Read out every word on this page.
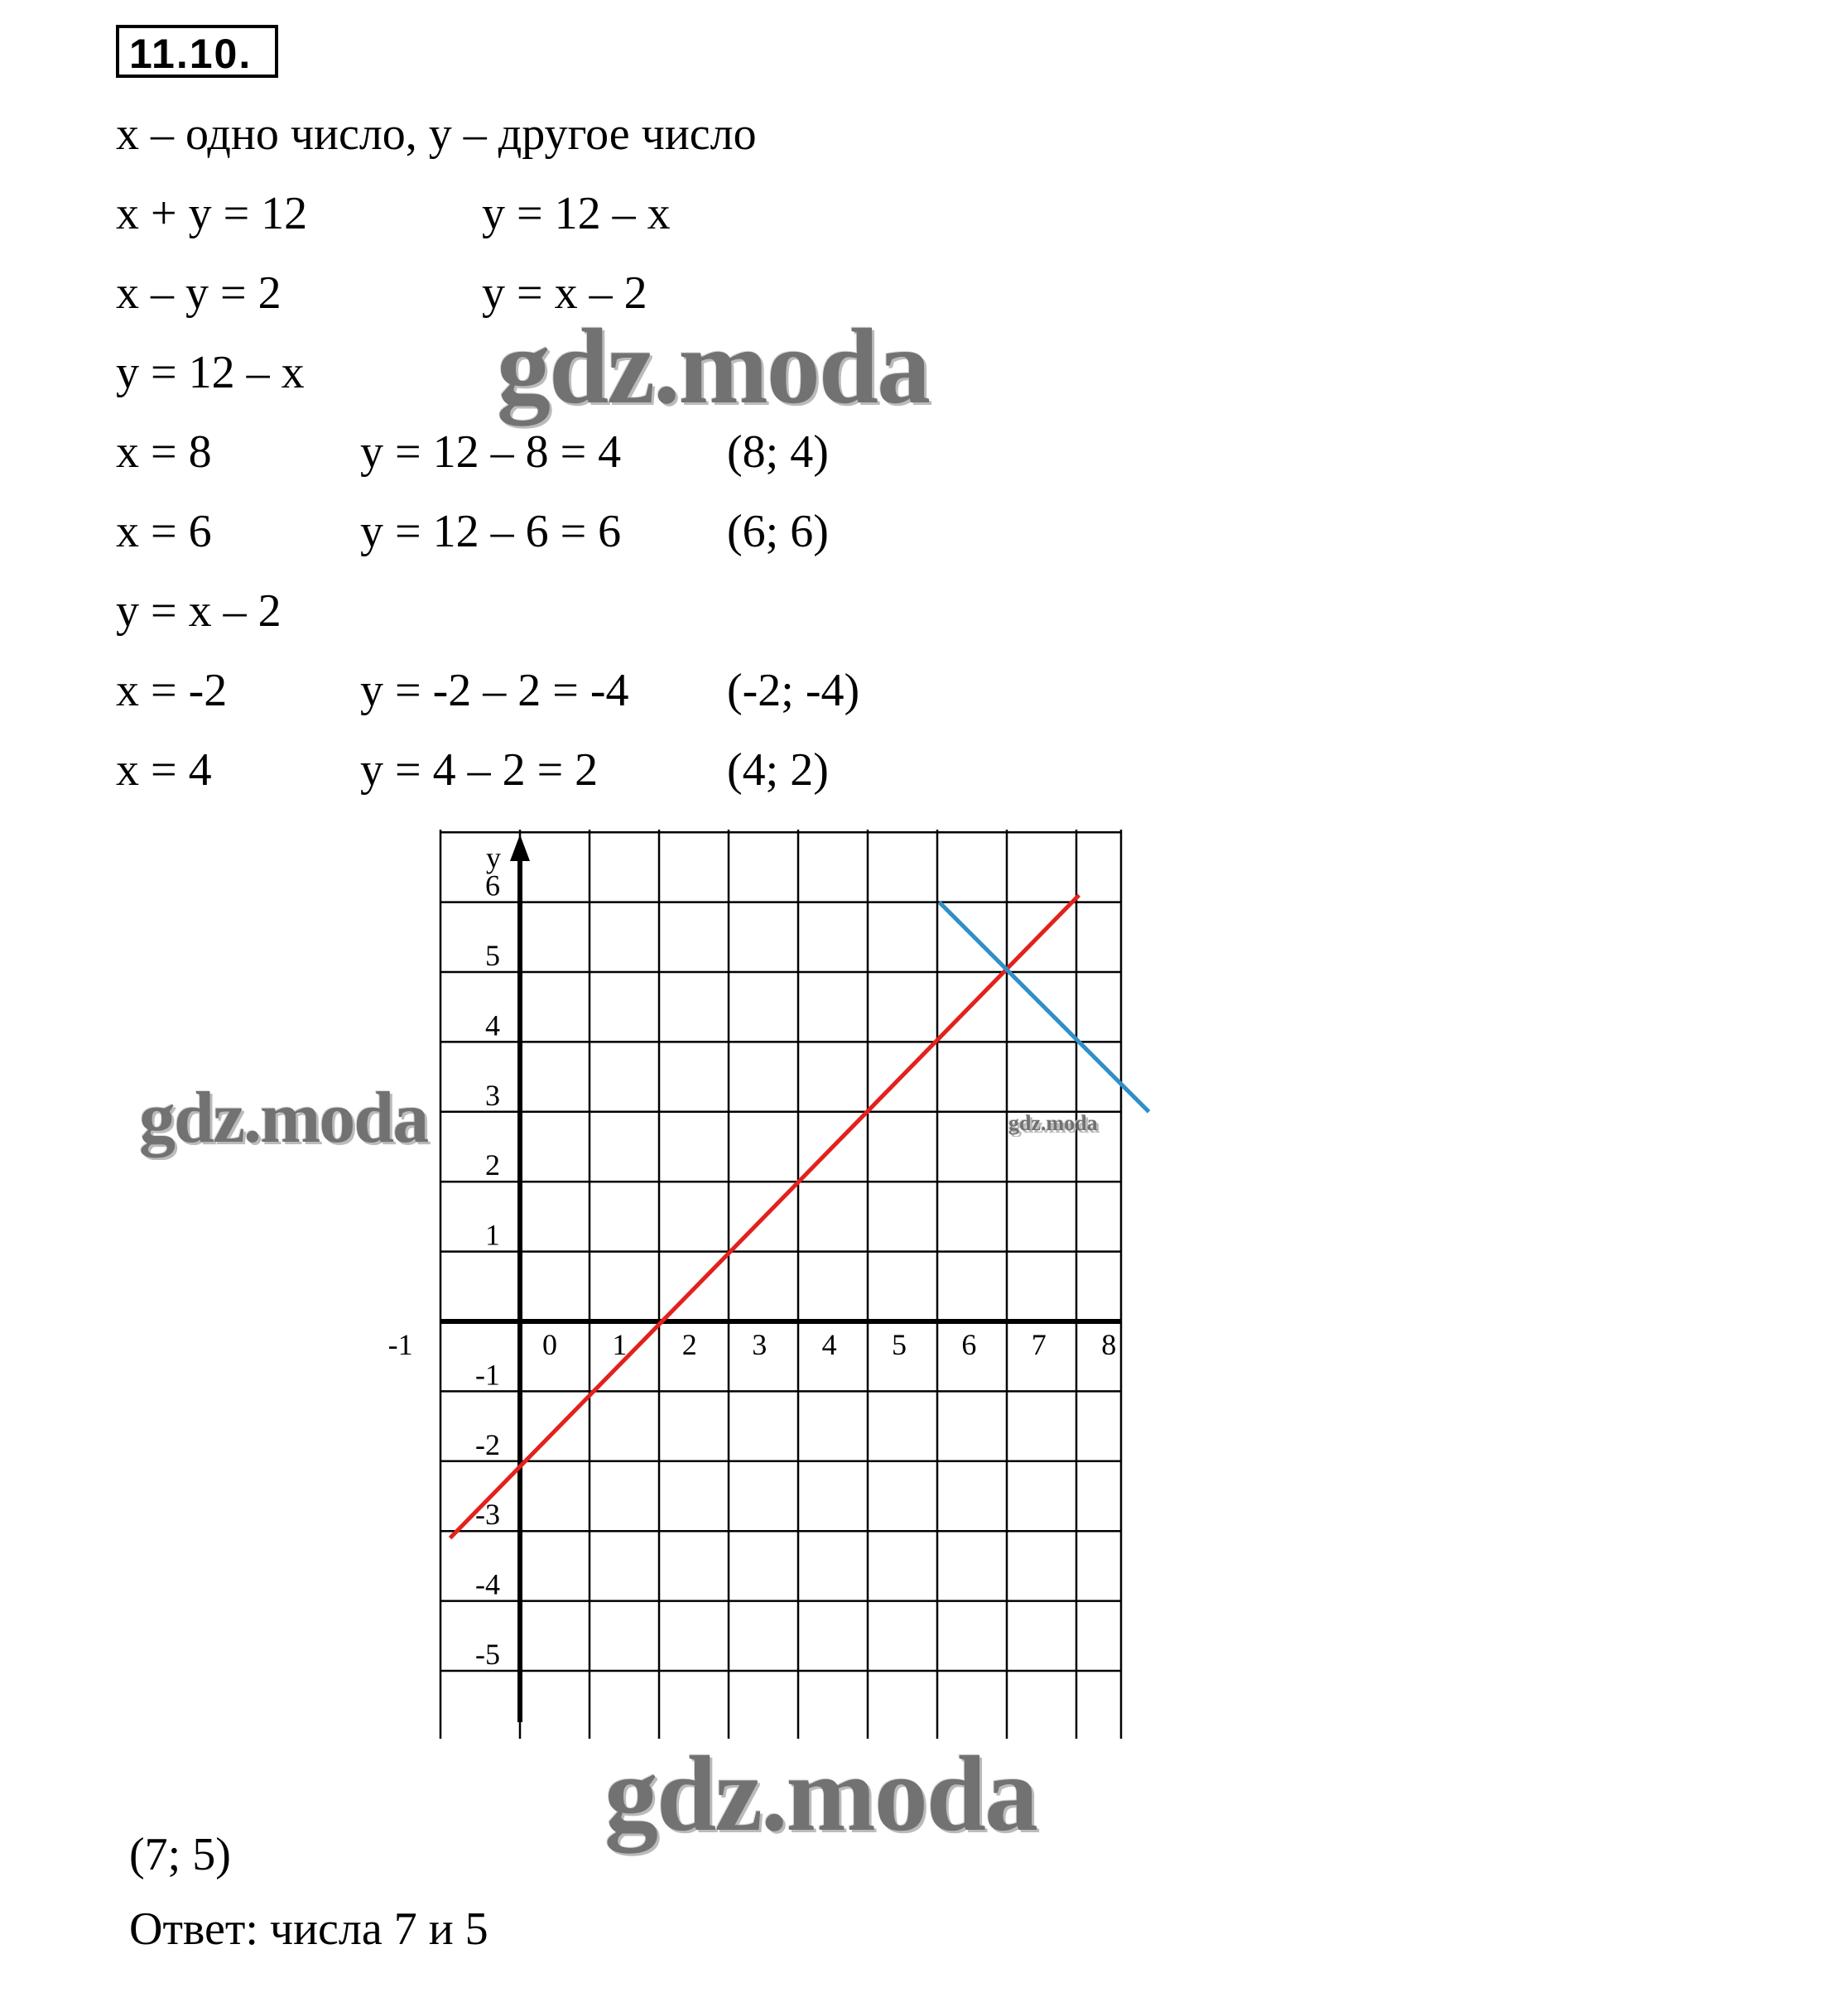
11.10.
x – одно число, y – другое число
x + y = 12	y = 12 – x
x – y = 2	y = x – 2
y = 12 – x
x = 8	y = 12 – 8 = 4 (8; 4)
x = 6	y = 12 – 6 = 6 (6; 6)
y = x – 2
x = -2	y = -2 – 2 = -4 (-2; -4)
x = 4	y = 4 – 2 = 2	(4; 2)
-1	0 1 2 3 4 5 6 7 8
6
5
4
3
2
1
-1
-2
-3
-4
-5
y
gdz.moda
gdz.moda	gdz.moda
gdz.moda
(7; 5)
Ответ: числа 7 и 5
